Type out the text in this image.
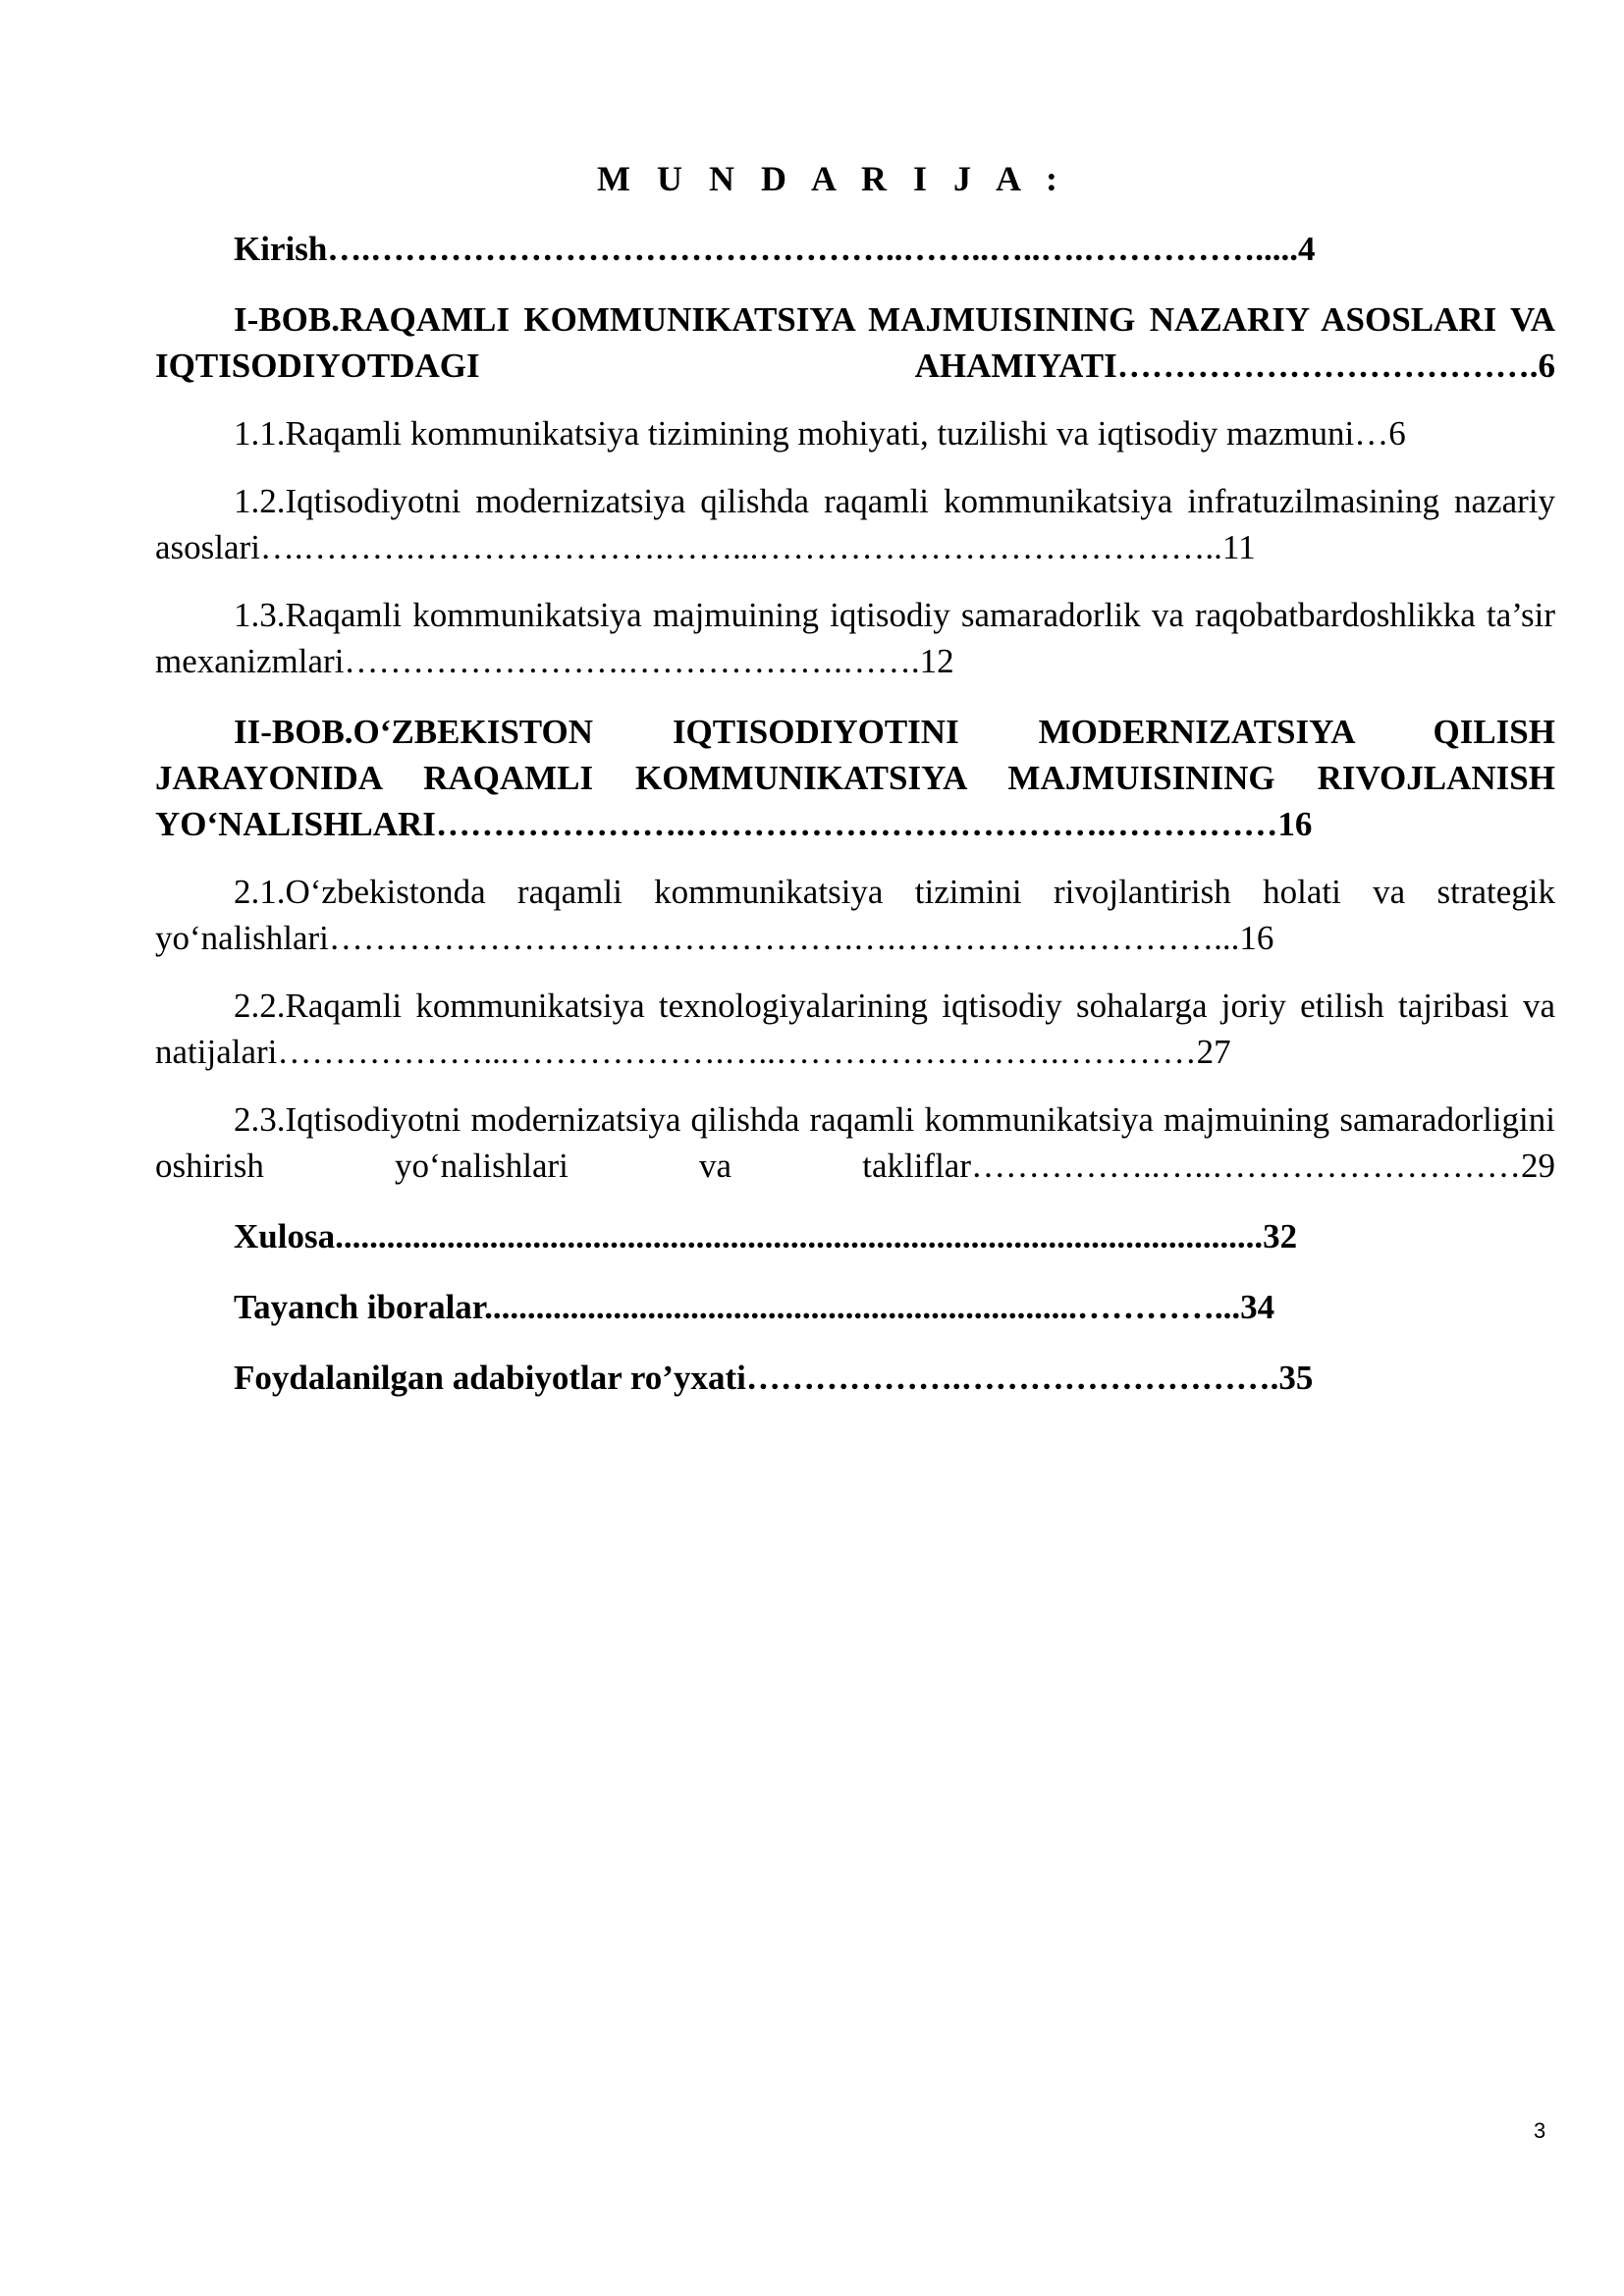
M U N D A R I J A :

Kirish….………………………………………..……..…..….…………….....4

I-BOB.RAQAMLI KOMMUNIKATSIYA MAJMUISINING NAZARIY ASOSLARI VA IQTISODIYOTDAGI AHAMIYATI……………………………….6

1.1.Raqamli kommunikatsiya tizimining mohiyati, tuzilishi va iqtisodiy mazmuni…6

1.2.Iqtisodiyotni modernizatsiya qilishda raqamli kommunikatsiya infratuzilmasining nazariy asoslari….……….………………….……...…………………………………..11

1.3.Raqamli kommunikatsiya majmuining iqtisodiy samaradorlik va raqobatbardoshlikka ta’sir mexanizmlari…………………….……………….…….12

II-BOB.O‘ZBEKISTON IQTISODIYOTINI MODERNIZATSIYA QILISH JARAYONIDA RAQAMLI KOMMUNIKATSIYA MAJMUISINING RIVOJLANISH YO‘NALISHLARI………………….……………………………….……………16

2.1.O‘zbekistonda raqamli kommunikatsiya tizimini rivojlantirish holati va strategik yo‘nalishlari……………………………………….….…………….…………...16

2.2.Raqamli kommunikatsiya texnologiyalarining iqtisodiy sohalarga joriy etilish tajribasi va natijalari………………...……………….…..…………………….…………27

2.3.Iqtisodiyotni modernizatsiya qilishda raqamli kommunikatsiya majmuining samaradorligini oshirish yo‘nalishlari va takliflar……………..…..………………………29

Xulosa............................................................................................................32

Tayanch iboralar.....................................................................…………...34

Foydalanilgan adabiyotlar ro’yxati……………….……………………….35

3
